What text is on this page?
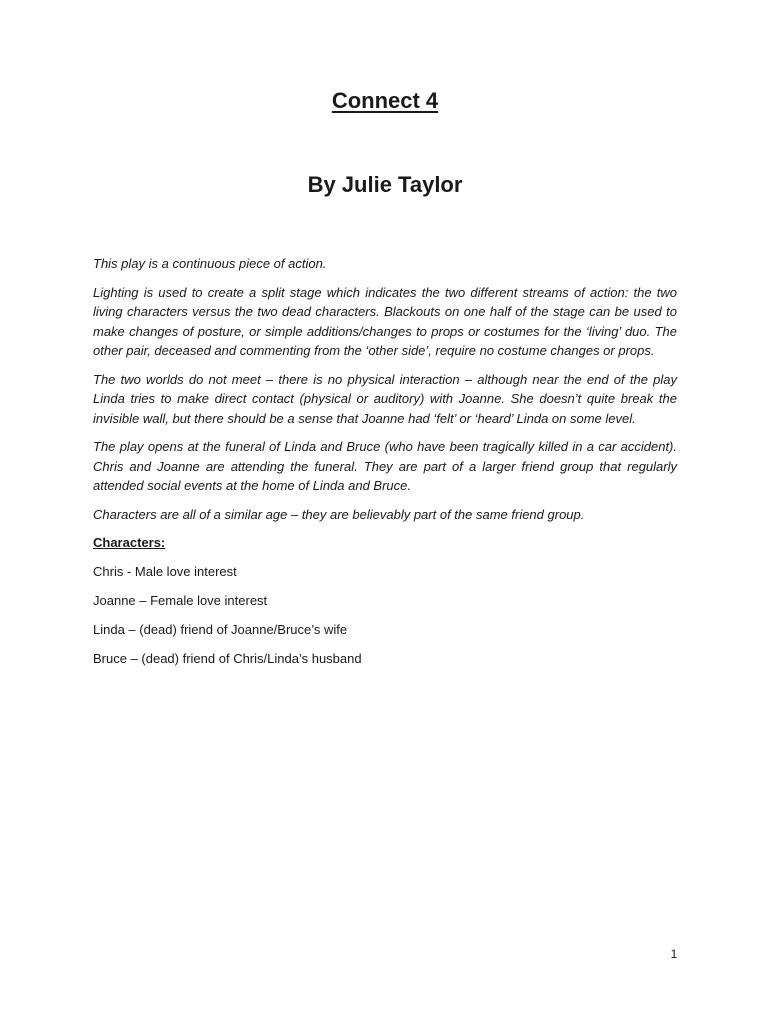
Connect 4
By Julie Taylor

This play is a continuous piece of action.

Lighting is used to create a split stage which indicates the two different streams of action: the two living characters versus the two dead characters. Blackouts on one half of the stage can be used to make changes of posture, or simple additions/changes to props or costumes for the ‘living’ duo. The other pair, deceased and commenting from the ‘other side’, require no costume changes or props.

The two worlds do not meet – there is no physical interaction – although near the end of the play Linda tries to make direct contact (physical or auditory) with Joanne. She doesn’t quite break the invisible wall, but there should be a sense that Joanne had ‘felt’ or ‘heard’ Linda on some level.

The play opens at the funeral of Linda and Bruce (who have been tragically killed in a car accident). Chris and Joanne are attending the funeral. They are part of a larger friend group that regularly attended social events at the home of Linda and Bruce.

Characters are all of a similar age – they are believably part of the same friend group.

Characters:

Chris - Male love interest

Joanne – Female love interest

Linda – (dead) friend of Joanne/Bruce’s wife

Bruce – (dead) friend of Chris/Linda’s husband

1
